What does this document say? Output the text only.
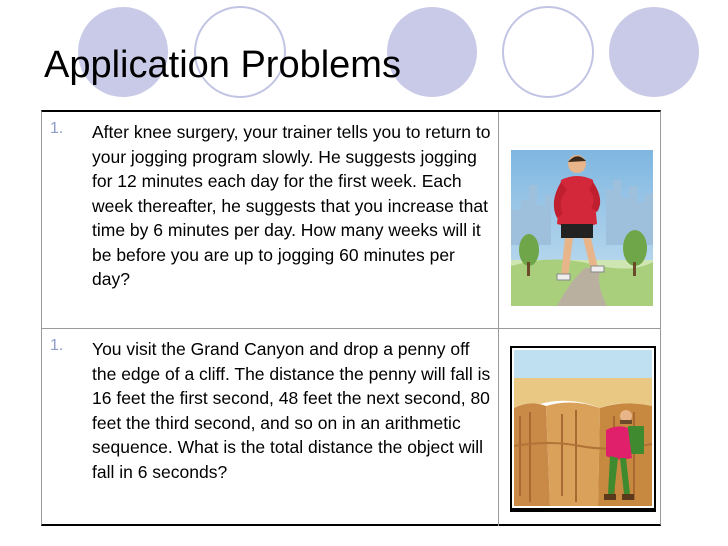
Application Problems
1. After knee surgery, your trainer tells you to return to your jogging program slowly. He suggests jogging for 12 minutes each day for the first week. Each week thereafter, he suggests that you increase that time by 6 minutes per day. How many weeks will it be before you are up to jogging 60 minutes per day?

1. You visit the Grand Canyon and drop a penny off the edge of a cliff. The distance the penny will fall is 16 feet the first second, 48 feet the next second, 80 feet the third second, and so on in an arithmetic sequence. What is the total distance the object will fall in 6 seconds?
